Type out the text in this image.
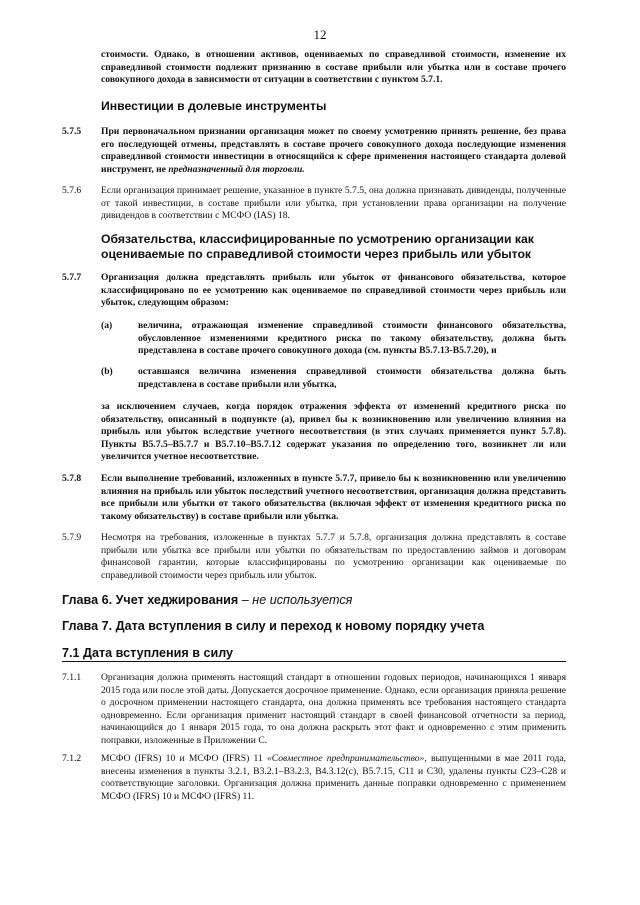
12
стоимости. Однако, в отношении активов, оцениваемых по справедливой стоимости, изменение их справедливой стоимости подлежит признанию в составе прибыли или убытка или в составе прочего совокупного дохода в зависимости от ситуации в соответствии с пунктом 5.7.1.
Инвестиции в долевые инструменты
5.7.5 При первоначальном признании организация может по своему усмотрению принять решение, без права его последующей отмены, представлять в составе прочего совокупного дохода последующие изменения справедливой стоимости инвестиции в относящийся к сфере применения настоящего стандарта долевой инструмент, не предназначенный для торговли.
5.7.6 Если организация принимает решение, указанное в пункте 5.7.5, она должна признавать дивиденды, полученные от такой инвестиции, в составе прибыли или убытка, при установлении права организации на получение дивидендов в соответствии с МСФО (IAS) 18.
Обязательства, классифицированные по усмотрению организации как оцениваемые по справедливой стоимости через прибыль или убыток
5.7.7 Организация должна представлять прибыль или убыток от финансового обязательства, которое классифицировано по ее усмотрению как оцениваемое по справедливой стоимости через прибыль или убыток, следующим образом:
(a)	величина, отражающая изменение справедливой стоимости финансового обязательства, обусловленное изменениями кредитного риска по такому обязательству, должна быть представлена в составе прочего совокупного дохода (см. пункты B5.7.13-B5.7.20), и
(b)	оставшаяся величина изменения справедливой стоимости обязательства должна быть представлена в составе прибыли или убытка,
за исключением случаев, когда порядок отражения эффекта от изменений кредитного риска по обязательству, описанный в подпункте (a), привел бы к возникновению или увеличению влияния на прибыль или убыток вследствие учетного несоответствия (в этих случаях применяется пункт 5.7.8). Пункты B5.7.5–B5.7.7 и B5.7.10–B5.7.12 содержат указания по определению того, возникнет ли или увеличится учетное несоответствие.
5.7.8 Если выполнение требований, изложенных в пункте 5.7.7, привело бы к возникновению или увеличению влияния на прибыль или убыток последствий учетного несоответствия, организация должна представить все прибыли или убытки от такого обязательства (включая эффект от изменения кредитного риска по такому обязательству) в составе прибыли или убытка.
5.7.9 Несмотря на требования, изложенные в пунктах 5.7.7 и 5.7.8, организация должна представлять в составе прибыли или убытка все прибыли или убытки по обязательствам по предоставлению займов и договорам финансовой гарантии, которые классифицированы по усмотрению организации как оцениваемые по справедливой стоимости через прибыль или убыток.
Глава 6. Учет хеджирования – не используется
Глава 7. Дата вступления в силу и переход к новому порядку учета
7.1 Дата вступления в силу
7.1.1 Организация должна применять настоящий стандарт в отношении годовых периодов, начинающихся 1 января 2015 года или после этой даты. Допускается досрочное применение. Однако, если организация приняла решение о досрочном применении настоящего стандарта, она должна применять все требования настоящего стандарта одновременно. Если организация применит настоящий стандарт в своей финансовой отчетности за период, начинающийся до 1 января 2015 года, то она должна раскрыть этот факт и одновременно с этим применить поправки, изложенные в Приложении С.
7.1.2 МСФО (IFRS) 10 и МСФО (IFRS) 11 «Совместное предпринимательство», выпущенными в мае 2011 года, внесены изменения в пункты 3.2.1, B3.2.1–B3.2.3, B4.3.12(c), B5.7.15, C11 и C30, удалены пункты C23–C28 и соответствующие заголовки. Организация должна применить данные поправки одновременно с применением МСФО (IFRS) 10 и МСФО (IFRS) 11.
